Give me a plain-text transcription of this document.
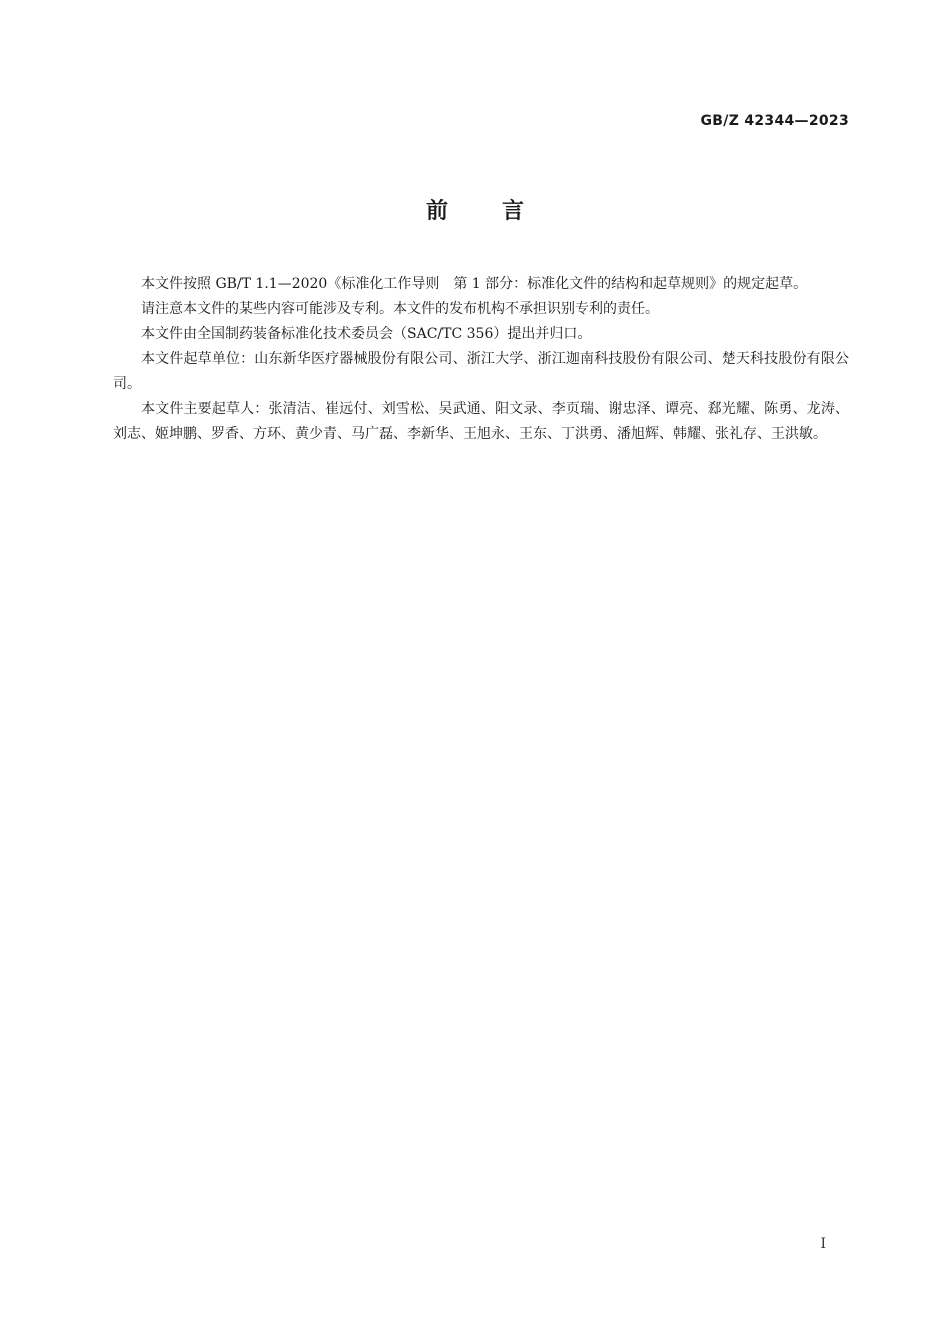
GB/Z 42344—2023
前言

本文件按照 GB/T 1.1—2020《标准化工作导则　第 1 部分：标准化文件的结构和起草规则》的规定起草。

请注意本文件的某些内容可能涉及专利。本文件的发布机构不承担识别专利的责任。

本文件由全国制药装备标准化技术委员会（SAC/TC 356）提出并归口。

本文件起草单位：山东新华医疗器械股份有限公司、浙江大学、浙江迦南科技股份有限公司、楚天科技股份有限公司。

本文件主要起草人：张清洁、崔远付、刘雪松、吴武通、阳文录、李页瑞、谢忠泽、谭亮、郄光耀、陈勇、龙涛、刘志、姬坤鹏、罗香、方环、黄少青、马广磊、李新华、王旭永、王东、丁洪勇、潘旭辉、韩耀、张礼存、王洪敏。

I
